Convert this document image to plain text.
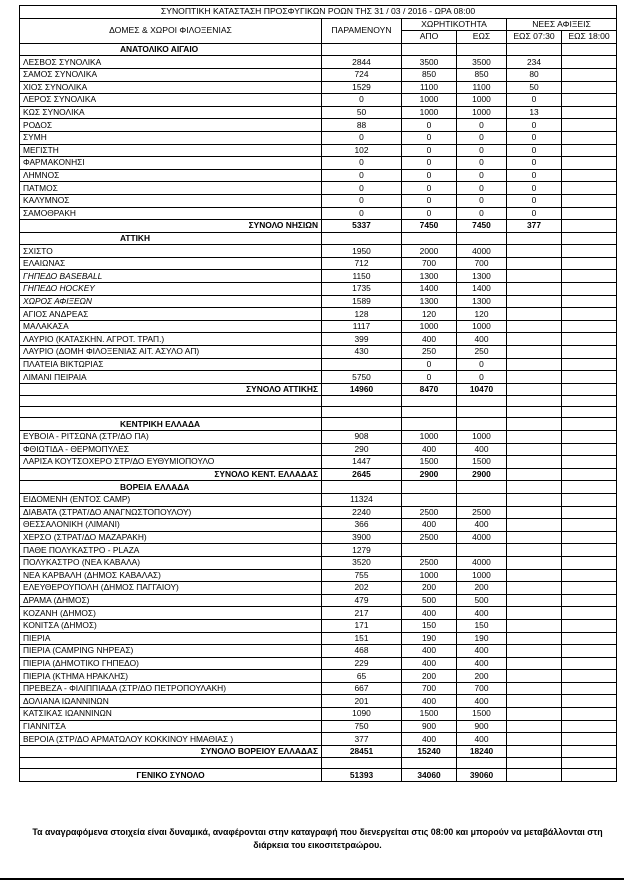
ΣΥΝΟΠΤΙΚΗ ΚΑΤΑΣΤΑΣΗ ΠΡΟΣΦΥΓΙΚΩΝ ΡΟΩΝ ΤΗΣ 31 / 03 / 2016 - ΩΡΑ 08:00					
ΔΟΜΕΣ & ΧΩΡΟΙ ΦΙΛΟΞΕΝΙΑΣ	ΠΑΡΑΜΕΝΟΥΝ	ΧΩΡΗΤΙΚΟΤΗΤΑ		ΝΕΕΣ ΑΦΙΞΕΙΣ	
		ΑΠΟ	ΕΩΣ	ΕΩΣ 07:30	ΕΩΣ 18:00
ΑΝΑΤΟΛΙΚΟ ΑΙΓΑΙΟ					
ΛΕΣΒΟΣ ΣΥΝΟΛΙΚΑ	2844	3500	3500	234	
ΣΑΜΟΣ ΣΥΝΟΛΙΚΑ	724	850	850	80	
ΧΙΟΣ ΣΥΝΟΛΙΚΑ	1529	1100	1100	50	
ΛΕΡΟΣ ΣΥΝΟΛΙΚΑ	0	1000	1000	0	
ΚΩΣ ΣΥΝΟΛΙΚΑ	50	1000	1000	13	
ΡΟΔΟΣ	88	0	0	0	
ΣΥΜΗ	0	0	0	0	
ΜΕΓΙΣΤΗ	102	0	0	0	
ΦΑΡΜΑΚΟΝΗΣΙ	0	0	0	0	
ΛΗΜΝΟΣ	0	0	0	0	
ΠΑΤΜΟΣ	0	0	0	0	
ΚΑΛΥΜΝΟΣ	0	0	0	0	
ΣΑΜΟΘΡΑΚΗ	0	0	0	0	
ΣΥΝΟΛΟ ΝΗΣΙΩΝ	5337	7450	7450	377	
ΑΤΤΙΚΗ					
ΣΧΙΣΤΟ	1950	2000	4000		
ΕΛΑΙΩΝΑΣ	712	700	700		
ΓΗΠΕΔΟ BASEBALL	1150	1300	1300		
ΓΗΠΕΔΟ HOCKEY	1735	1400	1400		
ΧΩΡΟΣ ΑΦΙΞΕΩΝ	1589	1300	1300		
ΑΓΙΟΣ ΑΝΔΡΕΑΣ	128	120	120		
ΜΑΛΑΚΑΣΑ	1117	1000	1000		
ΛΑΥΡΙΟ (ΚΑΤΑΣΚΗΝ. ΑΓΡΟΤ. ΤΡΑΠ.)	399	400	400		
ΛΑΥΡΙΟ (ΔΟΜΗ ΦΙΛΟΞΕΝΙΑΣ ΑΙΤ. ΑΣΥΛΟ ΑΠ)	430	250	250		
ΠΛΑΤΕΙΑ ΒΙΚΤΩΡΙΑΣ		0	0		
ΛΙΜΑΝΙ ΠΕΙΡΑΙΑ	5750	0	0		
ΣΥΝΟΛΟ ΑΤΤΙΚΗΣ	14960	8470	10470		

ΚΕΝΤΡΙΚΗ ΕΛΛΑΔΑ					
ΕΥΒΟΙΑ - ΡΙΤΣΩΝΑ (ΣΤΡ/ΔΟ ΠΑ)	908	1000	1000		
ΦΘΙΩΤΙΔΑ - ΘΕΡΜΟΠΥΛΕΣ	290	400	400		
ΛΑΡΙΣΑ ΚΟΥΤΣΟΧΕΡΟ ΣΤΡ/ΔΟ ΕΥΘΥΜΙΟΠΟΥΛΟ	1447	1500	1500		
ΣΥΝΟΛΟ ΚΕΝΤ. ΕΛΛΑΔΑΣ	2645	2900	2900		
ΒΟΡΕΙΑ ΕΛΛΑΔΑ					
ΕΙΔΟΜΕΝΗ (ΕΝΤΟΣ CAMP)	11324				
ΔΙΑΒΑΤΑ (ΣΤΡΑΤ/ΔΟ ΑΝΑΓΝΩΣΤΟΠΟΥΛΟΥ)	2240	2500	2500		
ΘΕΣΣΑΛΟΝΙΚΗ (ΛΙΜΑΝΙ)	366	400	400		
ΧΕΡΣΟ (ΣΤΡΑΤ/ΔΟ ΜΑΖΑΡΑΚΗ)	3900	2500	4000		
ΠΑΘΕ ΠΟΛΥΚΑΣΤΡΟ - PLAZA	1279				
ΠΟΛΥΚΑΣΤΡΟ (ΝΕΑ ΚΑΒΑΛΑ)	3520	2500	4000		
ΝΕΑ ΚΑΡΒΑΛΗ (ΔΗΜΟΣ ΚΑΒΑΛΑΣ)	755	1000	1000		
ΕΛΕΥΘΕΡΟΥΠΟΛΗ (ΔΗΜΟΣ ΠΑΓΓΑΙΟΥ)	202	200	200		
ΔΡΑΜΑ (ΔΗΜΟΣ)	479	500	500		
ΚΟΖΑΝΗ (ΔΗΜΟΣ)	217	400	400		
ΚΟΝΙΤΣΑ (ΔΗΜΟΣ)	171	150	150		
ΠΙΕΡΙΑ	151	190	190		
ΠΙΕΡΙΑ (CAMPING ΝΗΡΕΑΣ)	468	400	400		
ΠΙΕΡΙΑ (ΔΗΜΟΤΙΚΟ ΓΗΠΕΔΟ)	229	400	400		
ΠΙΕΡΙΑ (ΚΤΗΜΑ ΗΡΑΚΛΗΣ)	65	200	200		
ΠΡΕΒΕΖΑ - ΦΙΛΙΠΠΙΑΔΑ (ΣΤΡ/ΔΟ ΠΕΤΡΟΠΟΥΛΑΚΗ)	667	700	700		
ΔΟΛΙΑΝΑ ΙΩΑΝΝΙΝΩΝ	201	400	400		
ΚΑΤΣΙΚΑΣ ΙΩΑΝΝΙΝΩΝ	1090	1500	1500		
ΓΙΑΝΝΙΤΣΑ	750	900	900		
ΒΕΡΟΙΑ (ΣΤΡ/ΔΟ ΑΡΜΑΤΩΛΟΥ ΚΟΚΚΙΝΟΥ ΗΜΑΘΙΑΣ )	377	400	400		
ΣΥΝΟΛΟ ΒΟΡΕΙΟΥ ΕΛΛΑΔΑΣ	28451	15240	18240		

ΓΕΝΙΚΟ ΣΥΝΟΛΟ	51393	34060	39060		
Τα αναγραφόμενα στοιχεία είναι δυναμικά, αναφέρονται στην καταγραφή που διενεργείται στις 08:00 και μπορούν να μεταβάλλονται στη διάρκεια του εικοσιτετραώρου.
